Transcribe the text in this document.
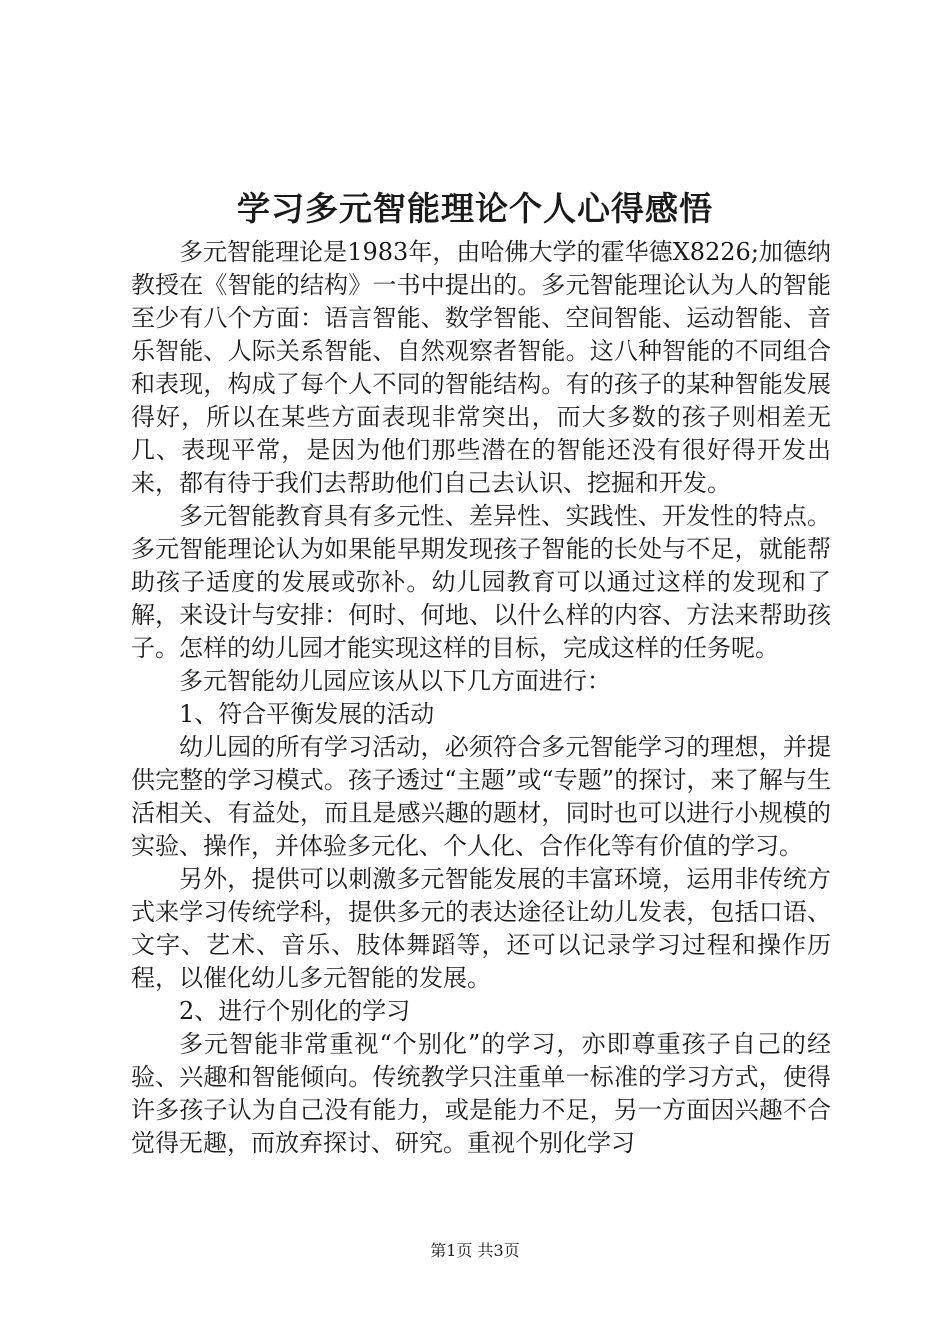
学习多元智能理论个人心得感悟

多元智能理论是1983年，由哈佛大学的霍华德X8226;加德纳教授在《智能的结构》一书中提出的。多元智能理论认为人的智能至少有八个方面：语言智能、数学智能、空间智能、运动智能、音乐智能、人际关系智能、自然观察者智能。这八种智能的不同组合和表现，构成了每个人不同的智能结构。有的孩子的某种智能发展得好，所以在某些方面表现非常突出，而大多数的孩子则相差无几、表现平常，是因为他们那些潜在的智能还没有很好得开发出来，都有待于我们去帮助他们自己去认识、挖掘和开发。

多元智能教育具有多元性、差异性、实践性、开发性的特点。多元智能理论认为如果能早期发现孩子智能的长处与不足，就能帮助孩子适度的发展或弥补。幼儿园教育可以通过这样的发现和了解，来设计与安排：何时、何地、以什么样的内容、方法来帮助孩子。怎样的幼儿园才能实现这样的目标，完成这样的任务呢。

多元智能幼儿园应该从以下几方面进行：

1、符合平衡发展的活动

幼儿园的所有学习活动，必须符合多元智能学习的理想，并提供完整的学习模式。孩子透过“主题”或“专题”的探讨，来了解与生活相关、有益处，而且是感兴趣的题材，同时也可以进行小规模的实验、操作，并体验多元化、个人化、合作化等有价值的学习。

另外，提供可以刺激多元智能发展的丰富环境，运用非传统方式来学习传统学科，提供多元的表达途径让幼儿发表，包括口语、文字、艺术、音乐、肢体舞蹈等，还可以记录学习过程和操作历程，以催化幼儿多元智能的发展。

2、进行个别化的学习

多元智能非常重视“个别化”的学习，亦即尊重孩子自己的经验、兴趣和智能倾向。传统教学只注重单一标准的学习方式，使得许多孩子认为自己没有能力，或是能力不足，另一方面因兴趣不合觉得无趣，而放弃探讨、研究。重视个别化学习

第1页 共3页
